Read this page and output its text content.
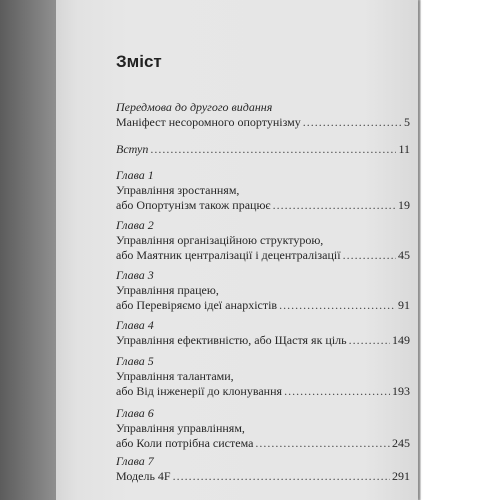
Зміст
Передмова до другого видання
Маніфест несоромного опортунізму .....	5
Вступ .....	11
Глава 1
Управління зростанням,
або Опортунізм також працює .....	19
Глава 2
Управління організаційною структурою,
або Маятник централізації і децентралізації .....	45
Глава 3
Управління працею,
або Перевіряємо ідеї анархістів .....	91
Глава 4
Управління ефективністю, або Щастя як ціль .....	149
Глава 5
Управління талантами,
або Від інженерії до клонування .....	193
Глава 6
Управління управлінням,
або Коли потрібна система .....	245
Глава 7
Модель 4F .....	291
